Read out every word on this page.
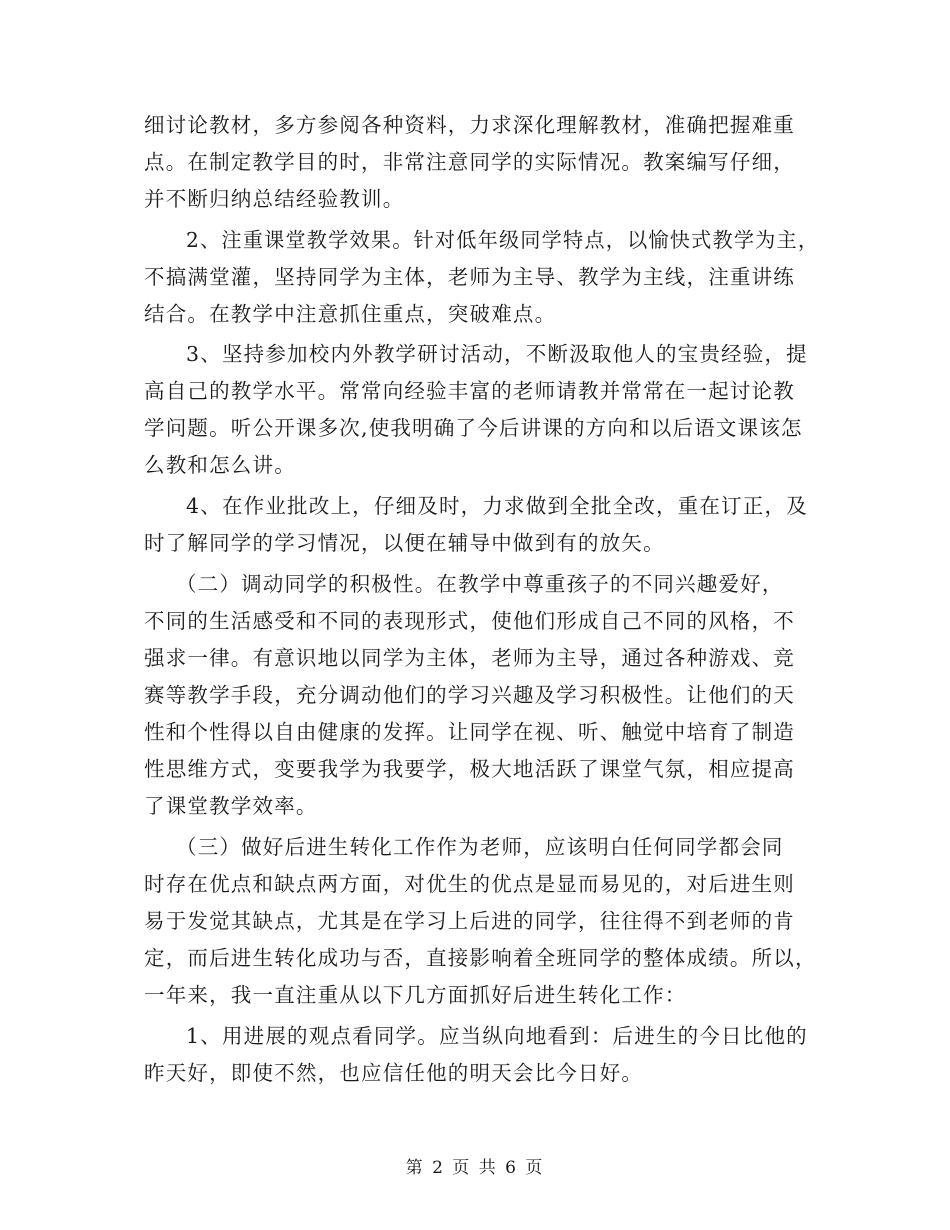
细讨论教材，多方参阅各种资料，力求深化理解教材，准确把握难重
点。在制定教学目的时，非常注意同学的实际情况。教案编写仔细，
并不断归纳总结经验教训。
2、注重课堂教学效果。针对低年级同学特点，以愉快式教学为主，
不搞满堂灌，坚持同学为主体，老师为主导、教学为主线，注重讲练
结合。在教学中注意抓住重点，突破难点。
3、坚持参加校内外教学研讨活动，不断汲取他人的宝贵经验，提
高自己的教学水平。常常向经验丰富的老师请教并常常在一起讨论教
学问题。听公开课多次,使我明确了今后讲课的方向和以后语文课该怎
么教和怎么讲。
4、在作业批改上，仔细及时，力求做到全批全改，重在订正，及
时了解同学的学习情况，以便在辅导中做到有的放矢。
（二）调动同学的积极性。在教学中尊重孩子的不同兴趣爱好，
不同的生活感受和不同的表现形式，使他们形成自己不同的风格，不
强求一律。有意识地以同学为主体，老师为主导，通过各种游戏、竞
赛等教学手段，充分调动他们的学习兴趣及学习积极性。让他们的天
性和个性得以自由健康的发挥。让同学在视、听、触觉中培育了制造
性思维方式，变要我学为我要学，极大地活跃了课堂气氛，相应提高
了课堂教学效率。
（三）做好后进生转化工作作为老师，应该明白任何同学都会同
时存在优点和缺点两方面，对优生的优点是显而易见的，对后进生则
易于发觉其缺点，尤其是在学习上后进的同学，往往得不到老师的肯
定，而后进生转化成功与否，直接影响着全班同学的整体成绩。所以，
一年来，我一直注重从以下几方面抓好后进生转化工作：
1、用进展的观点看同学。应当纵向地看到：后进生的今日比他的
昨天好，即使不然，也应信任他的明天会比今日好。
第 2 页 共 6 页
